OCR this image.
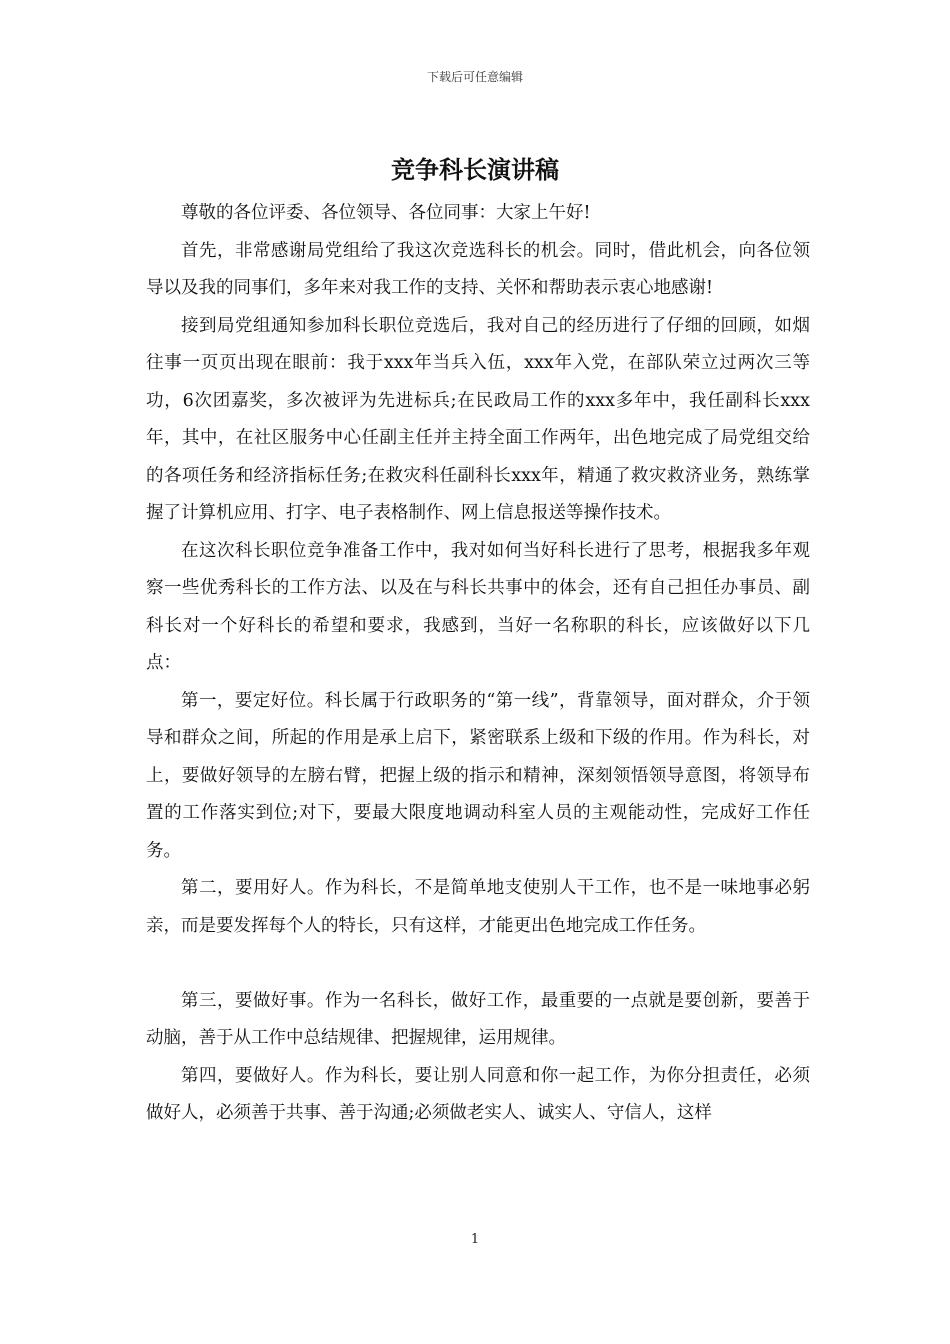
下载后可任意编辑
竞争科长演讲稿

尊敬的各位评委、各位领导、各位同事：大家上午好!

首先，非常感谢局党组给了我这次竞选科长的机会。同时，借此机会，向各位领导以及我的同事们，多年来对我工作的支持、关怀和帮助表示衷心地感谢!

接到局党组通知参加科长职位竞选后，我对自己的经历进行了仔细的回顾，如烟往事一页页出现在眼前：我于xxx年当兵入伍，xxx年入党，在部队荣立过两次三等功，6次团嘉奖，多次被评为先进标兵;在民政局工作的xxx多年中，我任副科长xxx年，其中，在社区服务中心任副主任并主持全面工作两年，出色地完成了局党组交给的各项任务和经济指标任务;在救灾科任副科长xxx年，精通了救灾救济业务，熟练掌握了计算机应用、打字、电子表格制作、网上信息报送等操作技术。

在这次科长职位竞争准备工作中，我对如何当好科长进行了思考，根据我多年观察一些优秀科长的工作方法、以及在与科长共事中的体会，还有自己担任办事员、副科长对一个好科长的希望和要求，我感到，当好一名称职的科长，应该做好以下几点：

第一，要定好位。科长属于行政职务的“第一线”，背靠领导，面对群众，介于领导和群众之间，所起的作用是承上启下，紧密联系上级和下级的作用。作为科长，对上，要做好领导的左膀右臂，把握上级的指示和精神，深刻领悟领导意图，将领导布置的工作落实到位;对下，要最大限度地调动科室人员的主观能动性，完成好工作任务。

第二，要用好人。作为科长，不是简单地支使别人干工作，也不是一味地事必躬亲，而是要发挥每个人的特长，只有这样，才能更出色地完成工作任务。

第三，要做好事。作为一名科长，做好工作，最重要的一点就是要创新，要善于动脑，善于从工作中总结规律、把握规律，运用规律。

第四，要做好人。作为科长，要让别人同意和你一起工作，为你分担责任，必须做好人，必须善于共事、善于沟通;必须做老实人、诚实人、守信人，这样

1
